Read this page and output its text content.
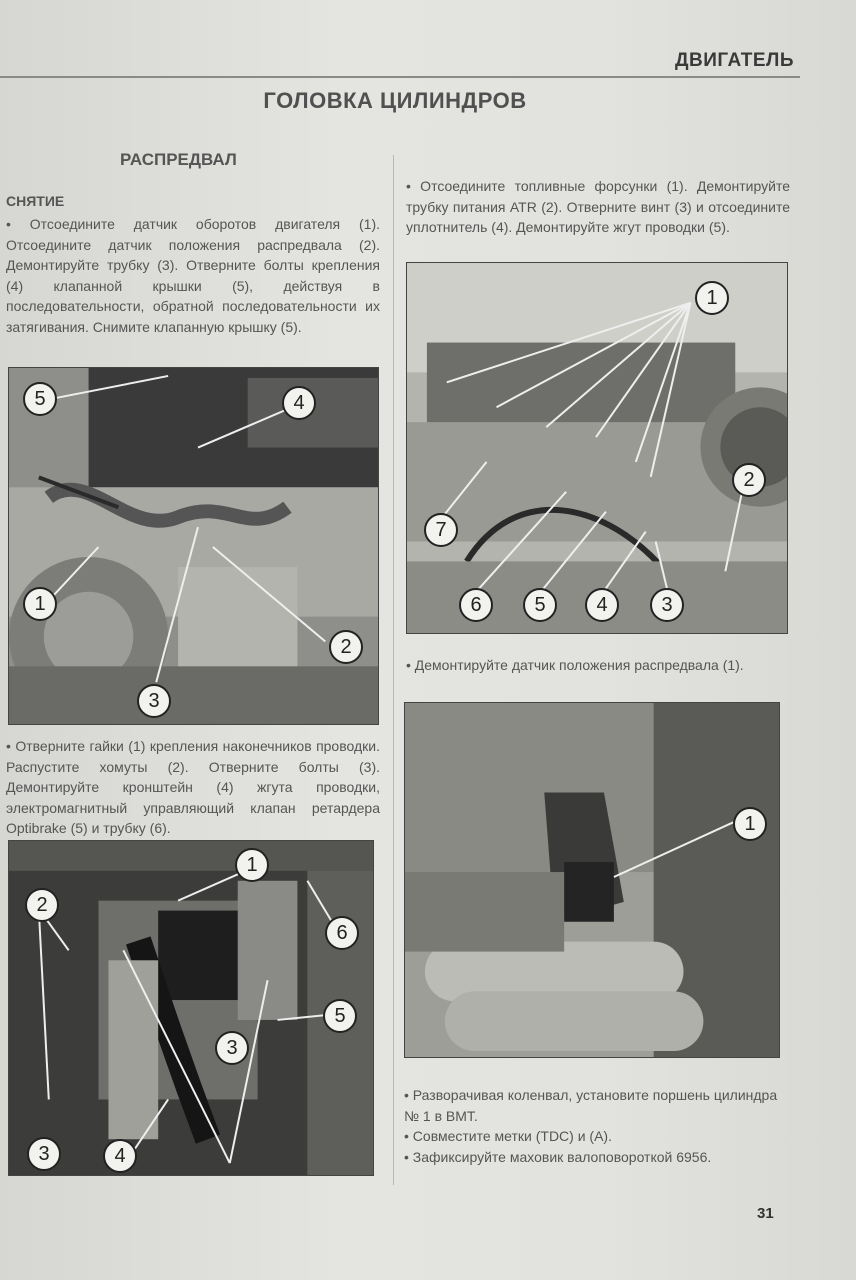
ДВИГАТЕЛЬ
ГОЛОВКА ЦИЛИНДРОВ
РАСПРЕДВАЛ
СНЯТИЕ
• Отсоедините датчик оборотов двигателя (1). Отсоедините датчик положения распредвала (2). Демонтируйте трубку (3). Отверните болты крепления (4) клапанной крышки (5), действуя в последовательности, обратной последовательности их затягивания. Снимите клапанную крышку (5).
5	4
1
2
3
• Отверните гайки (1) крепления наконечников проводки. Распустите хомуты (2). Отверните болты (3). Демонтируйте кронштейн (4) жгута проводки, электромагнитный управляющий клапан ретардера Optibrake (5) и трубку (6).
1
2
6
5
3
3	4
• Отсоедините топливные форсунки (1). Демонтируйте трубку питания ATR (2). Отверните винт (3) и отсоедините уплотнитель (4). Демонтируйте жгут проводки (5).
1
2
7
6	5	4	3
• Демонтируйте датчик положения распредвала (1).
1
• Разворачивая коленвал, установите поршень цилиндра № 1 в ВМТ.
• Совместите метки (TDC) и (А).
• Зафиксируйте маховик валоповороткой 6956.
31
